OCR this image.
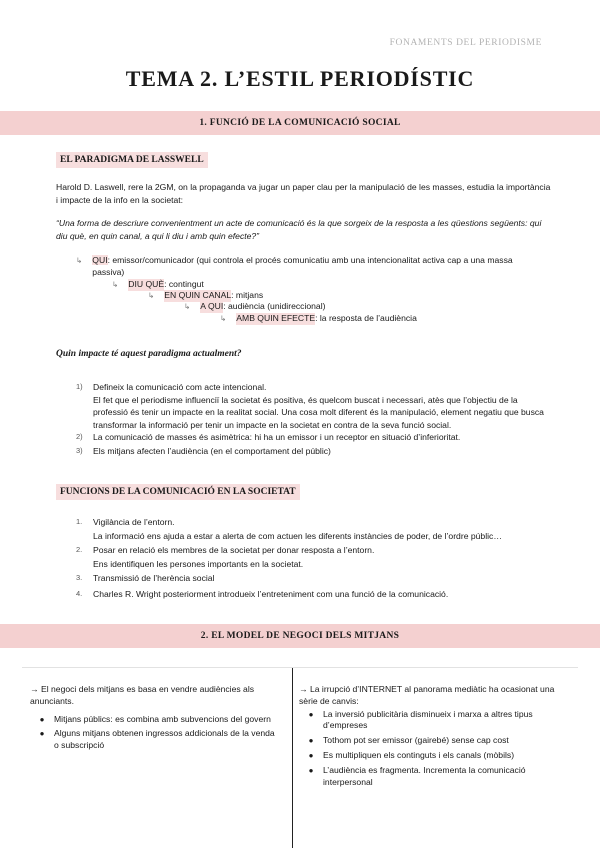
FONAMENTS DEL PERIODISME
TEMA 2. L’ESTIL PERIODÍSTIC
1. FUNCIÓ DE LA COMUNICACIÓ SOCIAL
EL PARADIGMA DE LASSWELL
Harold D. Laswell, rere la 2GM, on la propaganda va jugar un paper clau per la manipulació de les masses, estudia la importància i impacte de la info en la societat:
“Una forma de descriure convenientment un acte de comunicació és la que sorgeix de la resposta a les qüestions següents: qui diu què, en quin canal, a qui li diu i amb quin efecte?”
↳ QUI: emissor/comunicador (qui controla el procés comunicatiu amb una intencionalitat activa cap a una massa passiva)
↳ DIU QUÈ : contingut
↳ EN QUIN CANAL : mitjans
↳ A QUI : audiència (unidireccional)
↳ AMB QUIN EFECTE : la resposta de l’audiència
Quin impacte té aquest paradigma actualment?
1)	Defineix la comunicació com acte intencional.
El fet que el periodisme influenciï la societat és positiva, és quelcom buscat i necessari, atès que l’objectiu de la professió és tenir un impacte en la realitat social. Una cosa molt diferent és la manipulació, element negatiu que busca transformar la informació per tenir un impacte en la societat en contra de la seva funció social.
2)	La comunicació de masses és asimètrica: hi ha un emissor i un receptor en situació d’inferioritat.
3)	Els mitjans afecten l’audiència (en el comportament del públic)
FUNCIONS DE LA COMUNICACIÓ EN LA SOCIETAT
1.	Vigilància de l’entorn.
La informació ens ajuda a estar a alerta de com actuen les diferents instàncies de poder, de l’ordre públic…
2.	Posar en relació els membres de la societat per donar resposta a l’entorn.
Ens identifiquen les persones importants en la societat.
3.	Transmissió de l’herència social
4.	Charles R. Wright posteriorment introdueix l’entreteniment com una funció de la comunicació.
2. EL MODEL DE NEGOCI DELS MITJANS
→ El negoci dels mitjans es basa en vendre audiències als anunciants.
●	Mitjans públics: es combina amb subvencions del govern
●	Alguns mitjans obtenen ingressos addicionals de la venda o subscripció
→ La irrupció d’INTERNET al panorama mediàtic ha ocasionat una sèrie de canvis:
●	La inversió publicitària disminueix i marxa a altres tipus d’empreses
●	Tothom pot ser emissor (gairebé) sense cap cost
●	Es multipliquen els continguts i els canals (mòbils)
●	L’audiència es fragmenta. Incrementa la comunicació interpersonal
